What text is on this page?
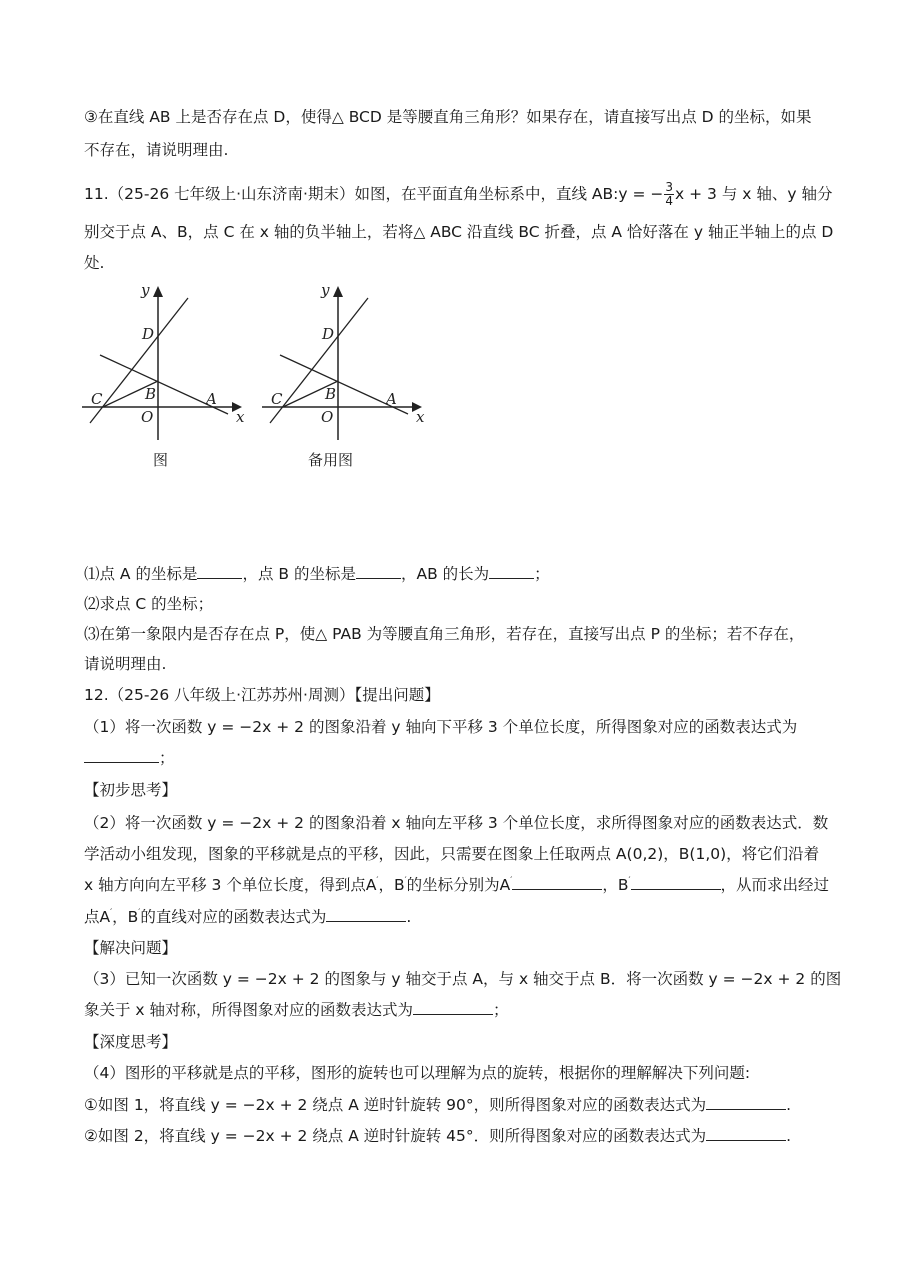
③在直线 AB 上是否存在点 D，使得△ BCD 是等腰直角三角形？如果存在，请直接写出点 D 的坐标，如果
不存在，请说明理由.
11.（25-26 七年级上·山东济南·期末）如图，在平面直角坐标系中，直线 AB:y = − $\frac{3}{4}$ x + 3 与 x 轴、y 轴分
别交于点 A、B，点 C 在 x 轴的负半轴上，若将△ ABC 沿直线 BC 折叠，点 A 恰好落在 y 轴正半轴上的点 D
处.
y
x
D
B
C	A
O
图
y
x
D
B
C	A
O
备用图
⑴点 A 的坐标是	，点 B 的坐标是	，AB 的长为	；
⑵求点 C 的坐标；
⑶在第一象限内是否存在点 P，使△ PAB 为等腰直角三角形，若存在，直接写出点 P 的坐标；若不存在，
请说明理由.
12.（25-26 八年级上·江苏苏州·周测）【提出问题】
（1）将一次函数 y = −2x + 2 的图象沿着 y 轴向下平移 3 个单位长度，所得图象对应的函数表达式为
；
【初步思考】
（2）将一次函数 y = −2x + 2 的图象沿着 x 轴向左平移 3 个单位长度，求所得图象对应的函数表达式．数
学活动小组发现，图象的平移就是点的平移，因此，只需要在图象上任取两点 A(0,2)，B(1,0)，将它们沿着
x 轴方向向左平移 3 个单位长度，得到点A′，B′的坐标分别为A′	，B′	，从而求出经过
点A′，B′的直线对应的函数表达式为	.
【解决问题】
（3）已知一次函数 y = −2x + 2 的图象与 y 轴交于点 A，与 x 轴交于点 B．将一次函数 y = −2x + 2 的图
象关于 x 轴对称，所得图象对应的函数表达式为	；
【深度思考】
（4）图形的平移就是点的平移，图形的旋转也可以理解为点的旋转，根据你的理解解决下列问题:
①如图 1，将直线 y = −2x + 2 绕点 A 逆时针旋转 90°，则所得图象对应的函数表达式为	.
②如图 2，将直线 y = −2x + 2 绕点 A 逆时针旋转 45°．则所得图象对应的函数表达式为	.
